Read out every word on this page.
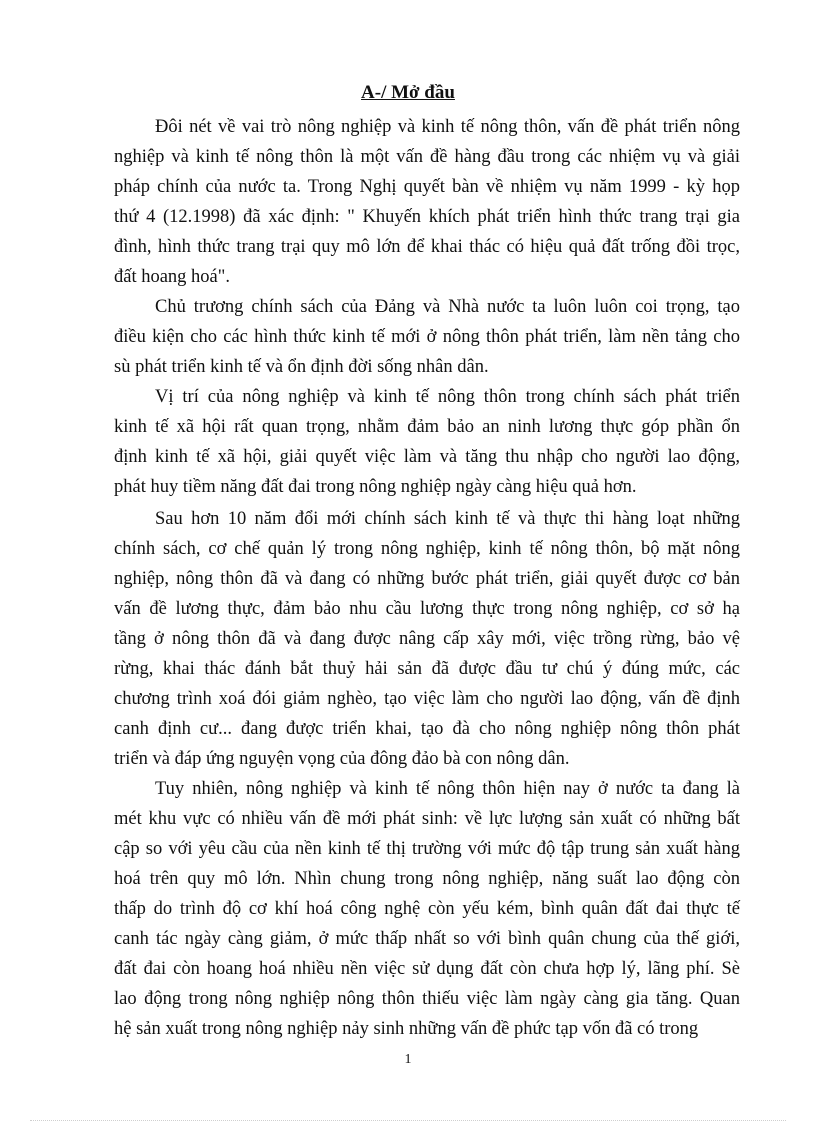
A-/ Mở đầu
Đôi nét về vai trò nông nghiệp và kinh tế nông thôn, vấn đề phát triển nông
nghiệp và kinh tế nông thôn là một vấn đề hàng đầu trong các nhiệm vụ và giải
pháp chính của nước ta. Trong Nghị quyết bàn về nhiệm vụ năm 1999 - kỳ họp
thứ 4 (12.1998) đã xác định: " Khuyến khích phát triển hình thức trang trại gia
đình, hình thức trang trại quy mô lớn để khai thác có hiệu quả đất trống đồi trọc,
đất hoang hoá".
Chủ trương chính sách của Đảng và Nhà nước ta luôn luôn coi trọng, tạo
điều kiện cho các hình thức kinh tế mới ở nông thôn phát triển, làm nền tảng cho
sù phát triển kinh tế và ổn định đời sống nhân dân.
Vị trí của nông nghiệp và kinh tế nông thôn trong chính sách phát triển
kinh tế xã hội rất quan trọng, nhằm đảm bảo an ninh lương thực góp phần ổn
định kinh tế xã hội, giải quyết việc làm và tăng thu nhập cho người lao động,
phát huy tiềm năng đất đai trong nông nghiệp ngày càng hiệu quả hơn.
Sau hơn 10 năm đổi mới chính sách kinh tế và thực thi hàng loạt những
chính sách, cơ chế quản lý trong nông nghiệp, kinh tế nông thôn, bộ mặt nông
nghiệp, nông thôn đã và đang có những bước phát triển, giải quyết được cơ bản
vấn đề lương thực, đảm bảo nhu cầu lương thực trong nông nghiệp, cơ sở hạ
tầng ở nông thôn đã và đang được nâng cấp xây mới, việc trồng rừng, bảo vệ
rừng, khai thác đánh bắt thuỷ hải sản đã được đầu tư chú ý đúng mức, các
chương trình xoá đói giảm nghèo, tạo việc làm cho người lao động, vấn đề định
canh định cư... đang được triển khai, tạo đà cho nông nghiệp nông thôn phát
triển và đáp ứng nguyện vọng của đông đảo bà con nông dân.
Tuy nhiên, nông nghiệp và kinh tế nông thôn hiện nay ở nước ta đang là
mét khu vực có nhiều vấn đề mới phát sinh: về lực lượng sản xuất có những bất
cập so với yêu cầu của nền kinh tế thị trường với mức độ tập trung sản xuất hàng
hoá trên quy mô lớn. Nhìn chung trong nông nghiệp, năng suất lao động còn
thấp do trình độ cơ khí hoá công nghệ còn yếu kém, bình quân đất đai thực tế
canh tác ngày càng giảm, ở mức thấp nhất so với bình quân chung của thế giới,
đất đai còn hoang hoá nhiều nền việc sử dụng đất còn chưa hợp lý, lãng phí. Sè
lao động trong nông nghiệp nông thôn thiếu việc làm ngày càng gia tăng. Quan
hệ sản xuất trong nông nghiệp nảy sinh những vấn đề phức tạp vốn đã có trong
1
